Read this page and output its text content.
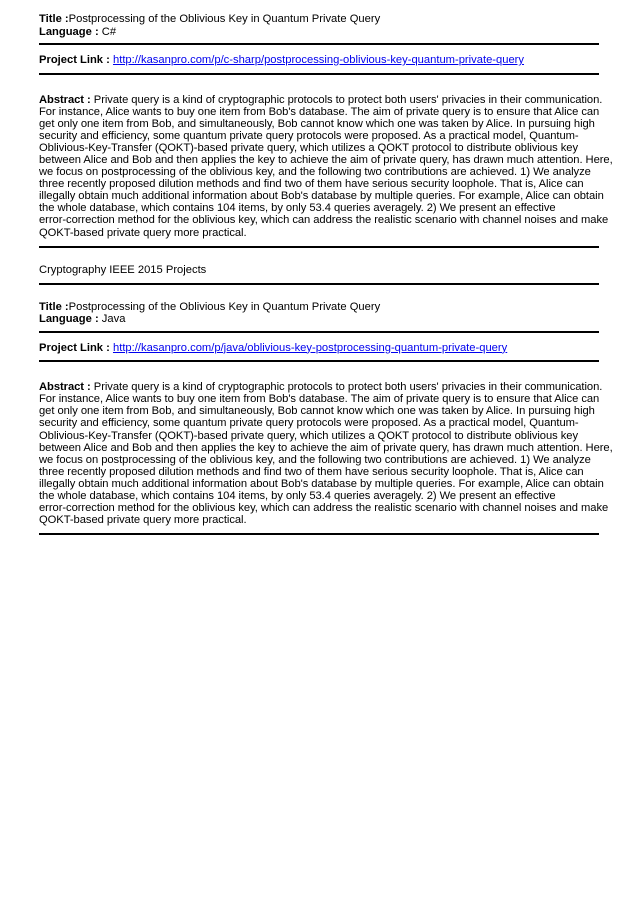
Title :Postprocessing of the Oblivious Key in Quantum Private Query
Language : C#
Project Link : http://kasanpro.com/p/c-sharp/postprocessing-oblivious-key-quantum-private-query
Abstract : Private query is a kind of cryptographic protocols to protect both users' privacies in their communication.
For instance, Alice wants to buy one item from Bob's database. The aim of private query is to ensure that Alice can
get only one item from Bob, and simultaneously, Bob cannot know which one was taken by Alice. In pursuing high
security and efficiency, some quantum private query protocols were proposed. As a practical model, Quantum-
Oblivious-Key-Transfer (QOKT)-based private query, which utilizes a QOKT protocol to distribute oblivious key
between Alice and Bob and then applies the key to achieve the aim of private query, has drawn much attention. Here,
we focus on postprocessing of the oblivious key, and the following two contributions are achieved. 1) We analyze
three recently proposed dilution methods and find two of them have serious security loophole. That is, Alice can
illegally obtain much additional information about Bob's database by multiple queries. For example, Alice can obtain
the whole database, which contains 104 items, by only 53.4 queries averagely. 2) We present an effective
error-correction method for the oblivious key, which can address the realistic scenario with channel noises and make
QOKT-based private query more practical.
Cryptography IEEE 2015 Projects
Title :Postprocessing of the Oblivious Key in Quantum Private Query
Language : Java
Project Link : http://kasanpro.com/p/java/oblivious-key-postprocessing-quantum-private-query
Abstract : Private query is a kind of cryptographic protocols to protect both users' privacies in their communication.
For instance, Alice wants to buy one item from Bob's database. The aim of private query is to ensure that Alice can
get only one item from Bob, and simultaneously, Bob cannot know which one was taken by Alice. In pursuing high
security and efficiency, some quantum private query protocols were proposed. As a practical model, Quantum-
Oblivious-Key-Transfer (QOKT)-based private query, which utilizes a QOKT protocol to distribute oblivious key
between Alice and Bob and then applies the key to achieve the aim of private query, has drawn much attention. Here,
we focus on postprocessing of the oblivious key, and the following two contributions are achieved. 1) We analyze
three recently proposed dilution methods and find two of them have serious security loophole. That is, Alice can
illegally obtain much additional information about Bob's database by multiple queries. For example, Alice can obtain
the whole database, which contains 104 items, by only 53.4 queries averagely. 2) We present an effective
error-correction method for the oblivious key, which can address the realistic scenario with channel noises and make
QOKT-based private query more practical.
